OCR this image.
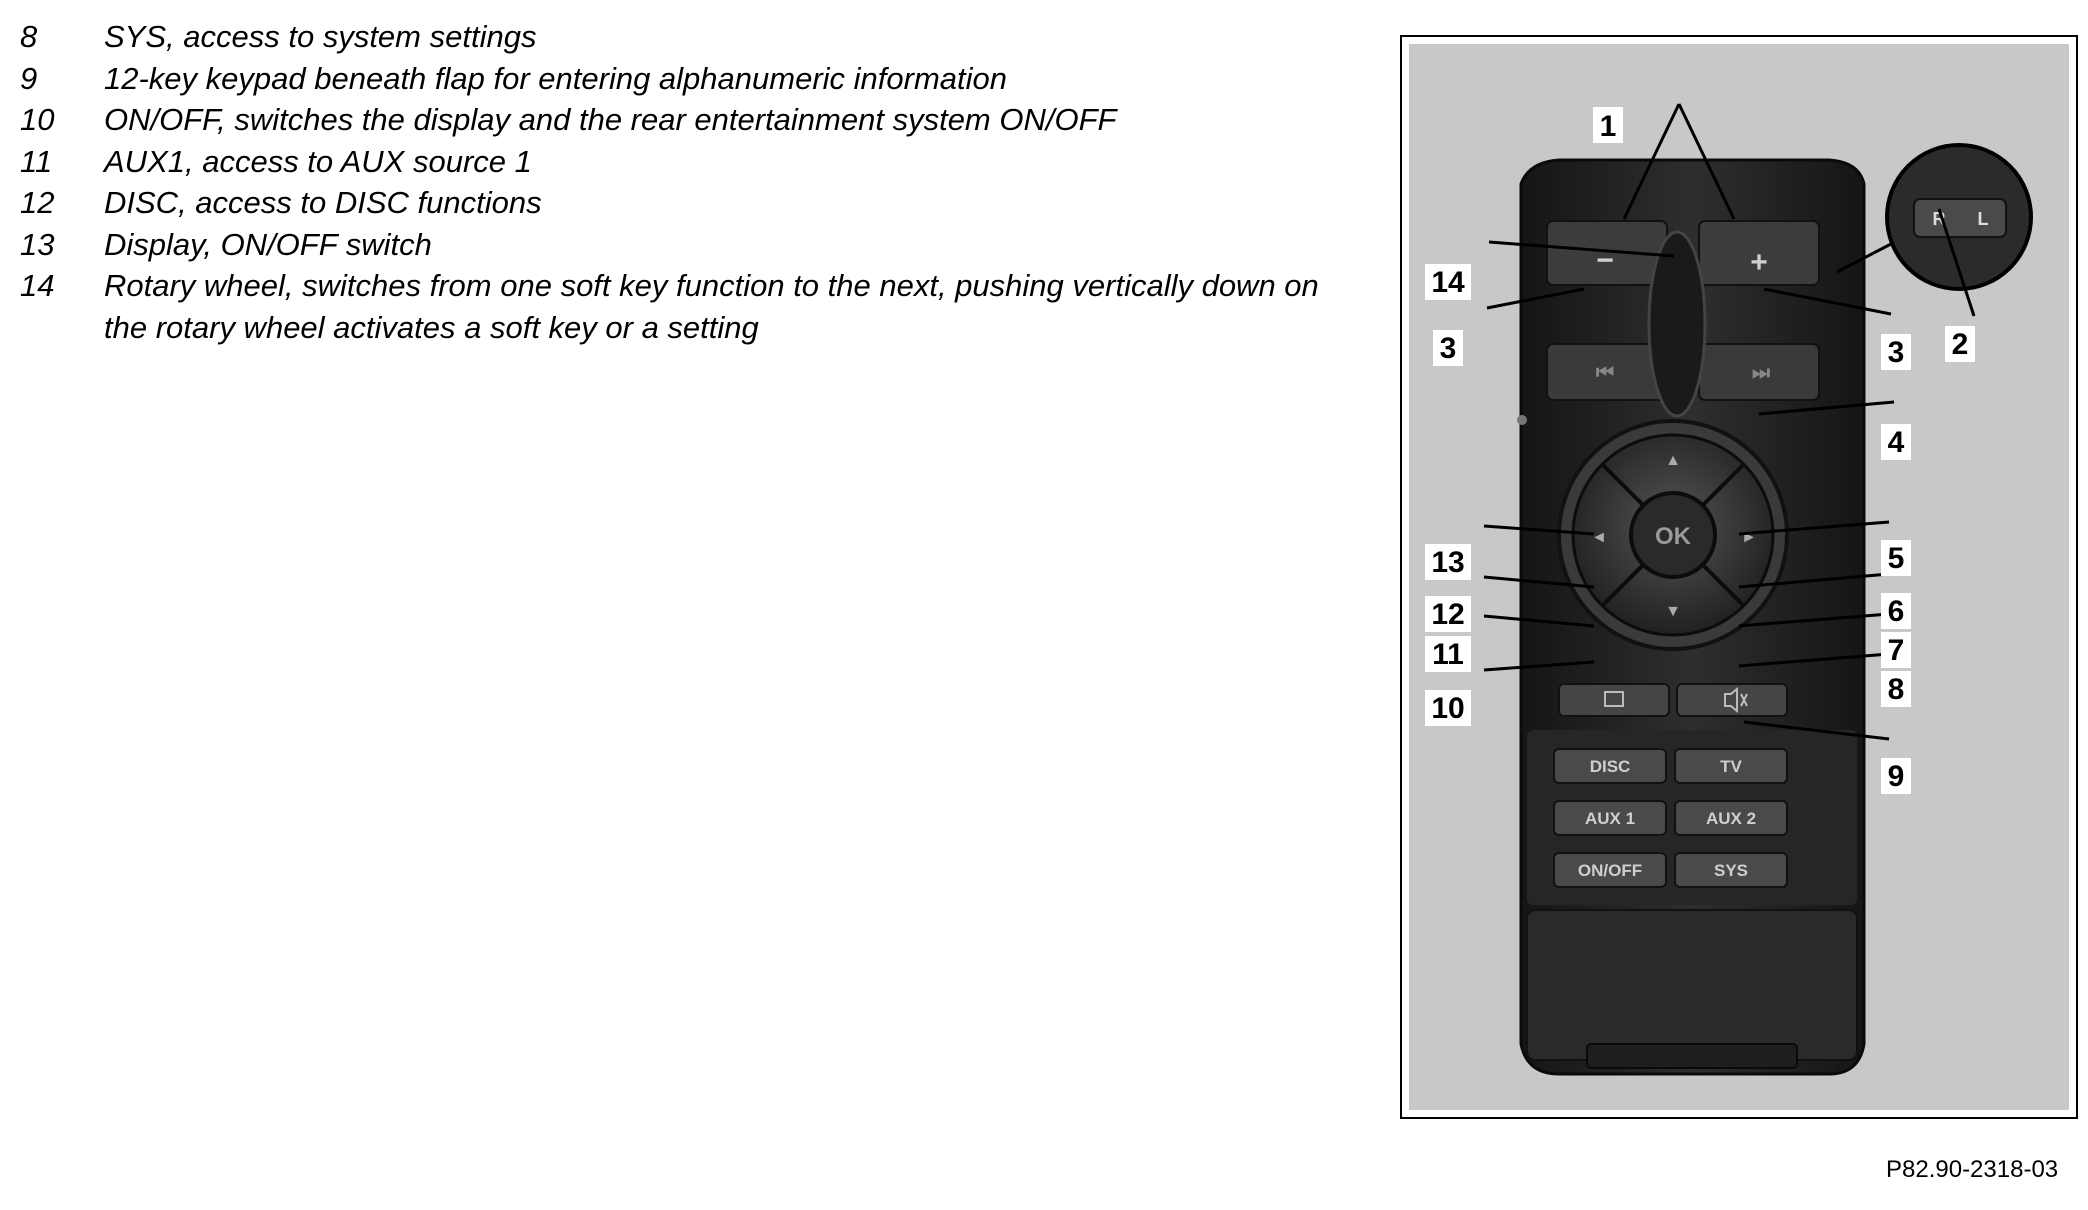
8	SYS, access to system settings
9	12-key keypad beneath flap for entering alphanumeric information
10	ON/OFF, switches the display and the rear entertainment system ON/OFF
11	AUX1, access to AUX source 1
12	DISC, access to DISC functions
13	Display, ON/OFF switch
14	Rotary wheel, switches from one soft key function to the next, pushing vertically down on the rotary wheel activates a soft key or a setting
−	+
⏮	⏭
OK
▲
▼
◄	►
DISC	TV
AUX 1	AUX 2
ON/OFF	SYS
R L
1
2
3	3
4
5
6
7
8
9
10
11
12
13
14
P82.90-2318-03
